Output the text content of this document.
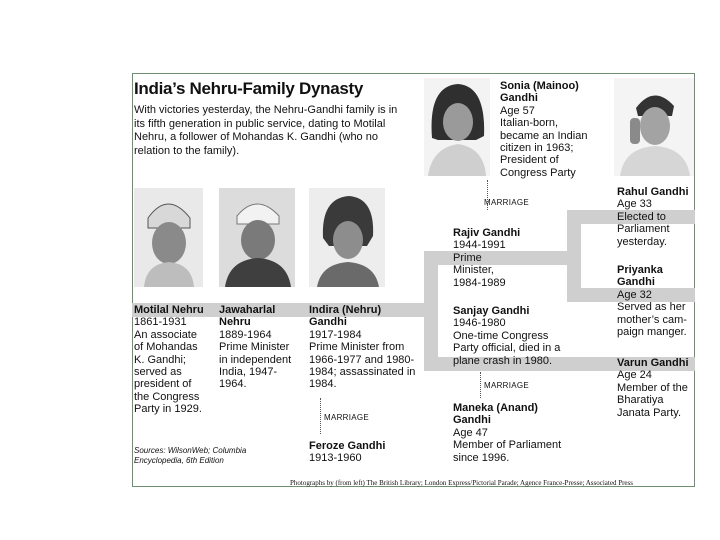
India’s Nehru-Family Dynasty
With victories yesterday, the Nehru-Gandhi family is in its fifth generation in public service, dating to Motilal Nehru, a follower of Mohandas K. Gandhi (who no relation to the family).
MARRIAGE
MARRIAGE
MARRIAGE
Motilal Nehru
1861-1931
An associate
of Mohandas
K. Gandhi;
served as
president of
the Congress
Party in 1929.
Jawaharlal Nehru
1889-1964
Prime Minister
in independent
India, 1947-
1964.
Indira (Nehru) Gandhi
1917-1984
Prime Minister from
1966-1977 and 1980-
1984; assassinated in
1984.
Feroze Gandhi
1913-1960
Sonia (Mainoo) Gandhi
Age 57
Italian-born,
became an Indian
citizen in 1963;
President of
Congress Party
Rajiv Gandhi
1944-1991
Prime
Minister,
1984-1989
Sanjay Gandhi
1946-1980
One-time Congress
Party official, died in a
plane crash in 1980.
Maneka (Anand) Gandhi
Age 47
Member of Parliament
since 1996.
Rahul Gandhi
Age 33
Elected to
Parliament
yesterday.
Priyanka Gandhi
Age 32
Served as her
mother’s cam-
paign manger.
Varun Gandhi
Age 24
Member of the
Bharatiya
Janata Party.
Sources: WilsonWeb; Columbia Encyclopedia, 6th Edition
Photographs by (from left) The British Library; London Express/Pictorial Parade; Agence France-Presse; Associated Press
